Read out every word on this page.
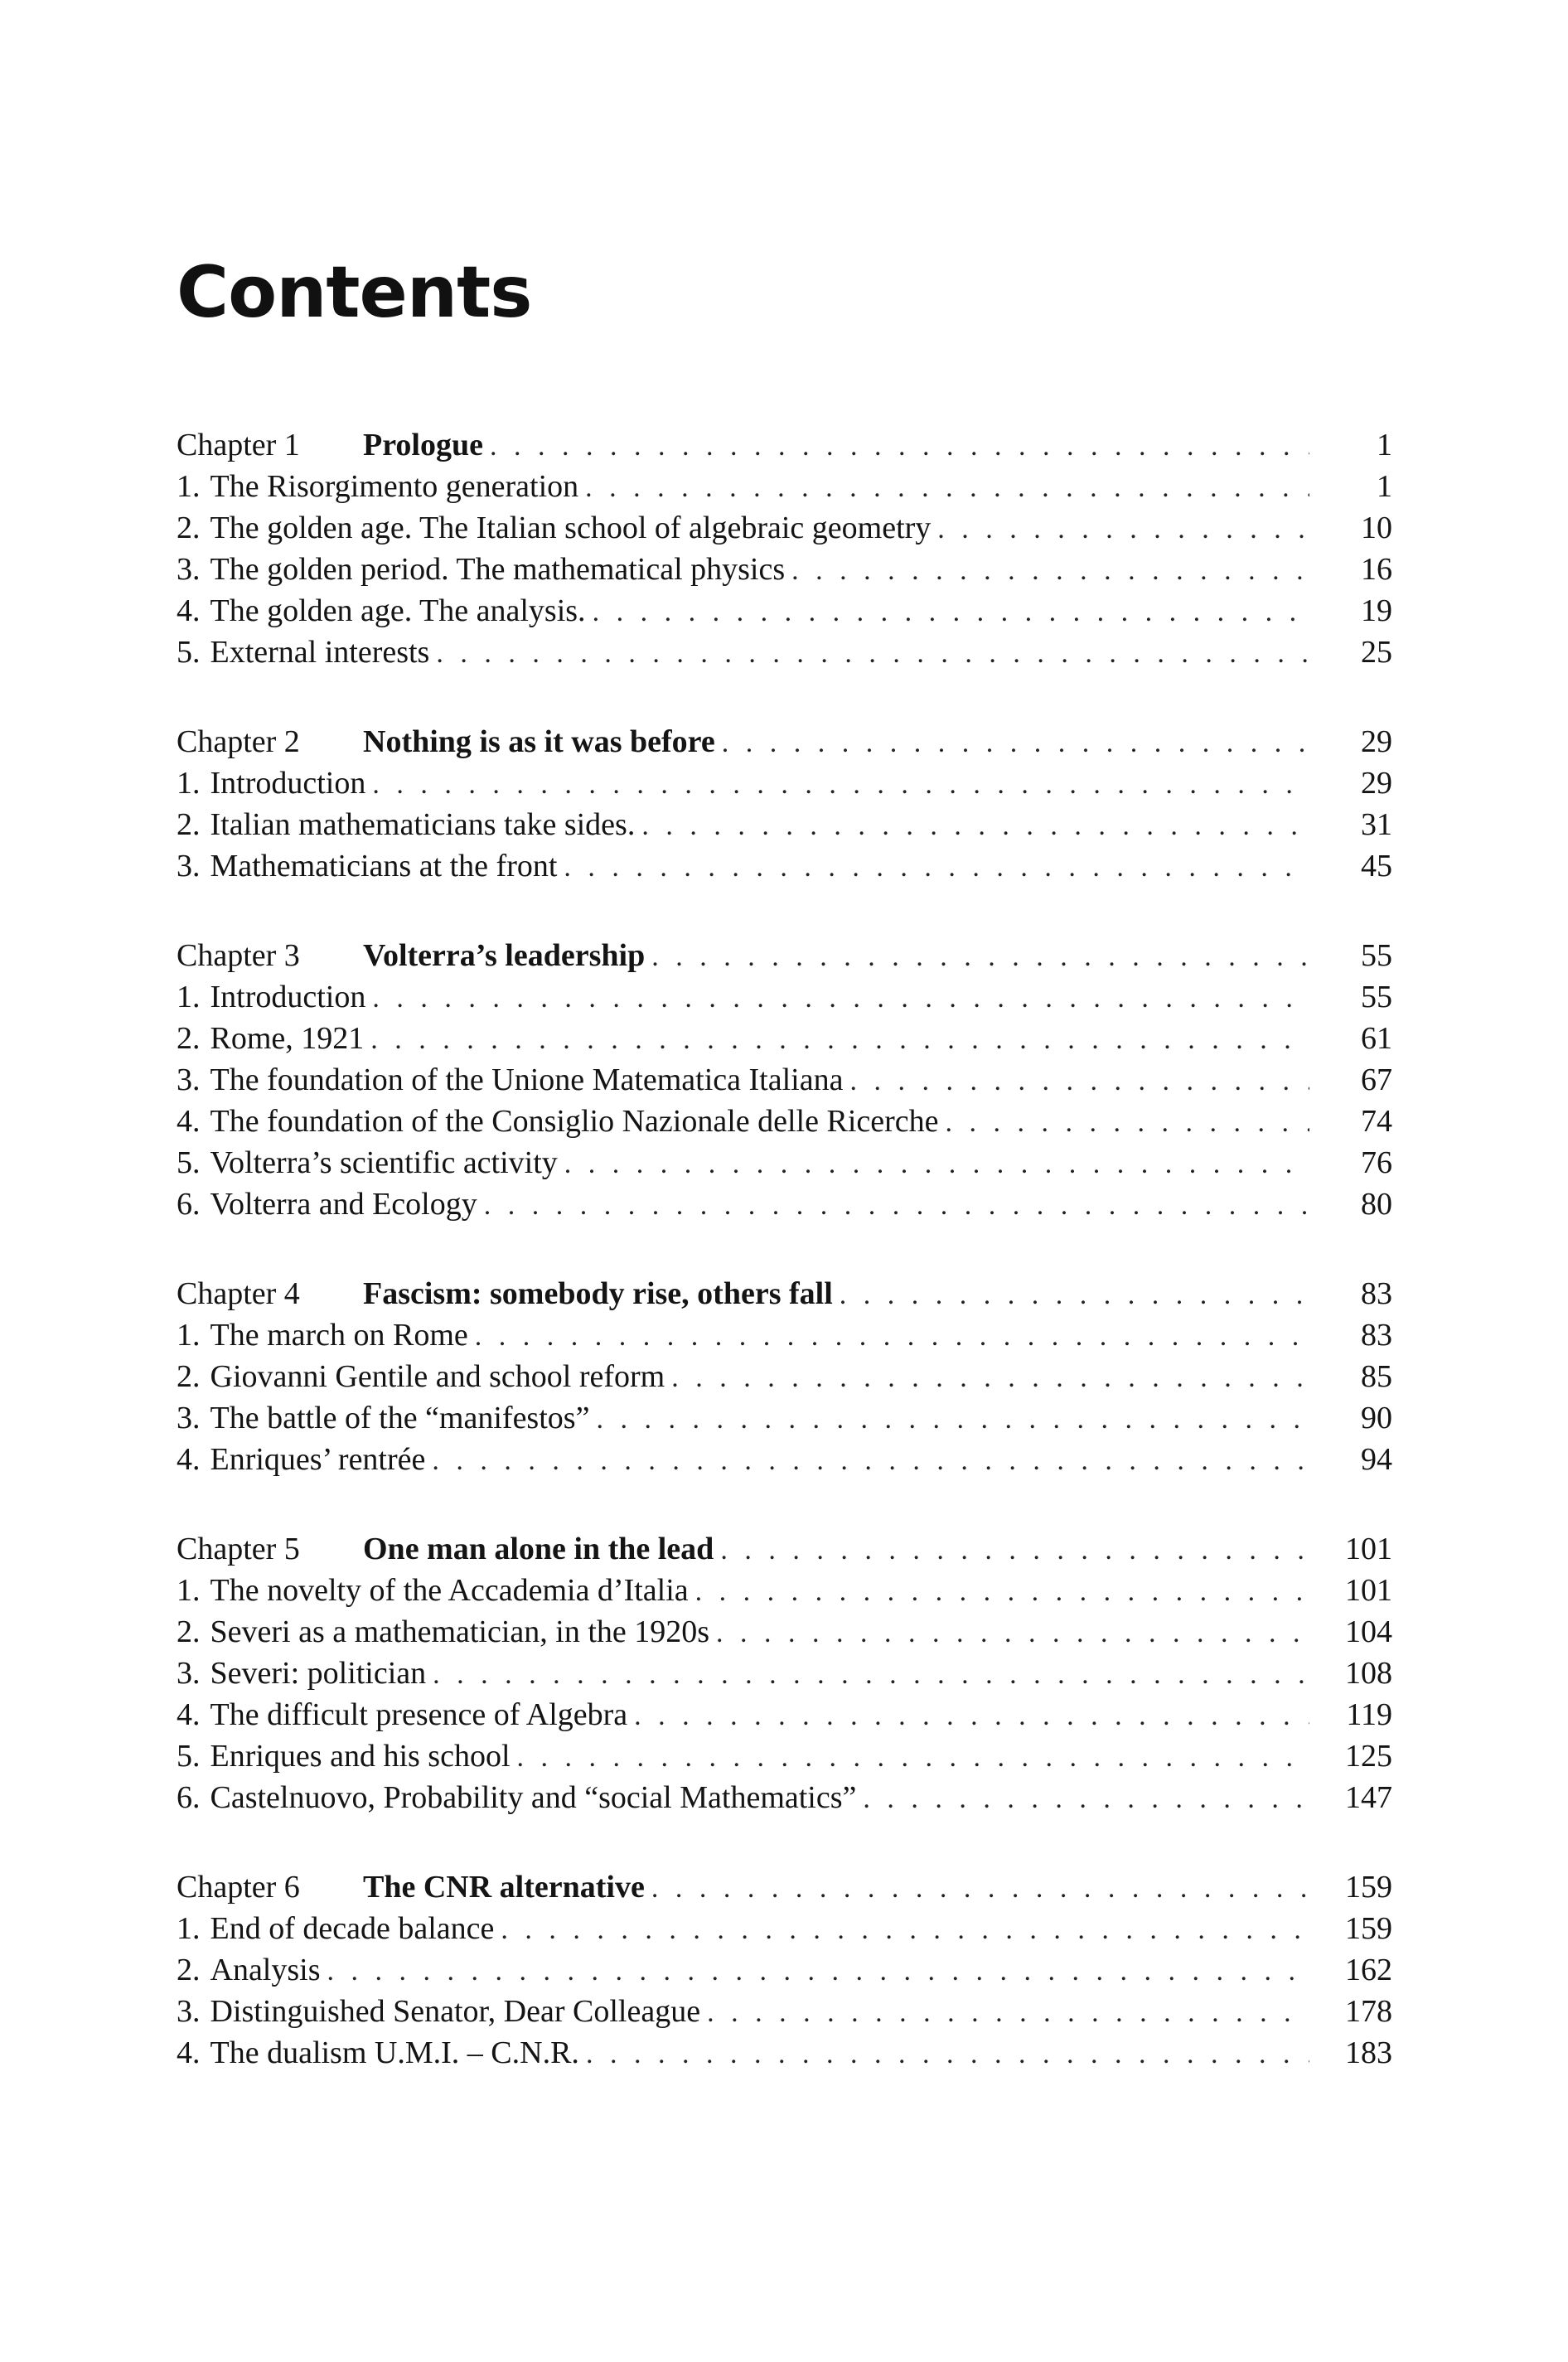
Contents
Chapter 1	Prologue . . .	1
1. The Risorgimento generation . . .	1
2. The golden age. The Italian school of algebraic geometry . . .	10
3. The golden period. The mathematical physics . . .	16
4. The golden age. The analysis. . . .	19
5. External interests . . .	25
Chapter 2	Nothing is as it was before . . .	29
1. Introduction . . .	29
2. Italian mathematicians take sides. . . .	31
3. Mathematicians at the front . . .	45
Chapter 3	Volterra’s leadership . . .	55
1. Introduction . . .	55
2. Rome, 1921 . . .	61
3. The foundation of the Unione Matematica Italiana . . .	67
4. The foundation of the Consiglio Nazionale delle Ricerche . . .	74
5. Volterra’s scientific activity . . .	76
6. Volterra and Ecology . . .	80
Chapter 4	Fascism: somebody rise, others fall . . .	83
1. The march on Rome . . .	83
2. Giovanni Gentile and school reform . . .	85
3. The battle of the “manifestos” . . .	90
4. Enriques’ rentrée . . .	94
Chapter 5	One man alone in the lead . . .	101
1. The novelty of the Accademia d’Italia . . .	101
2. Severi as a mathematician, in the 1920s . . .	104
3. Severi: politician . . .	108
4. The difficult presence of Algebra . . .	119
5. Enriques and his school . . .	125
6. Castelnuovo, Probability and “social Mathematics” . . .	147
Chapter 6	The CNR alternative . . .	159
1. End of decade balance . . .	159
2. Analysis . . .	162
3. Distinguished Senator, Dear Colleague . . .	178
4. The dualism U.M.I. – C.N.R. . . .	183
